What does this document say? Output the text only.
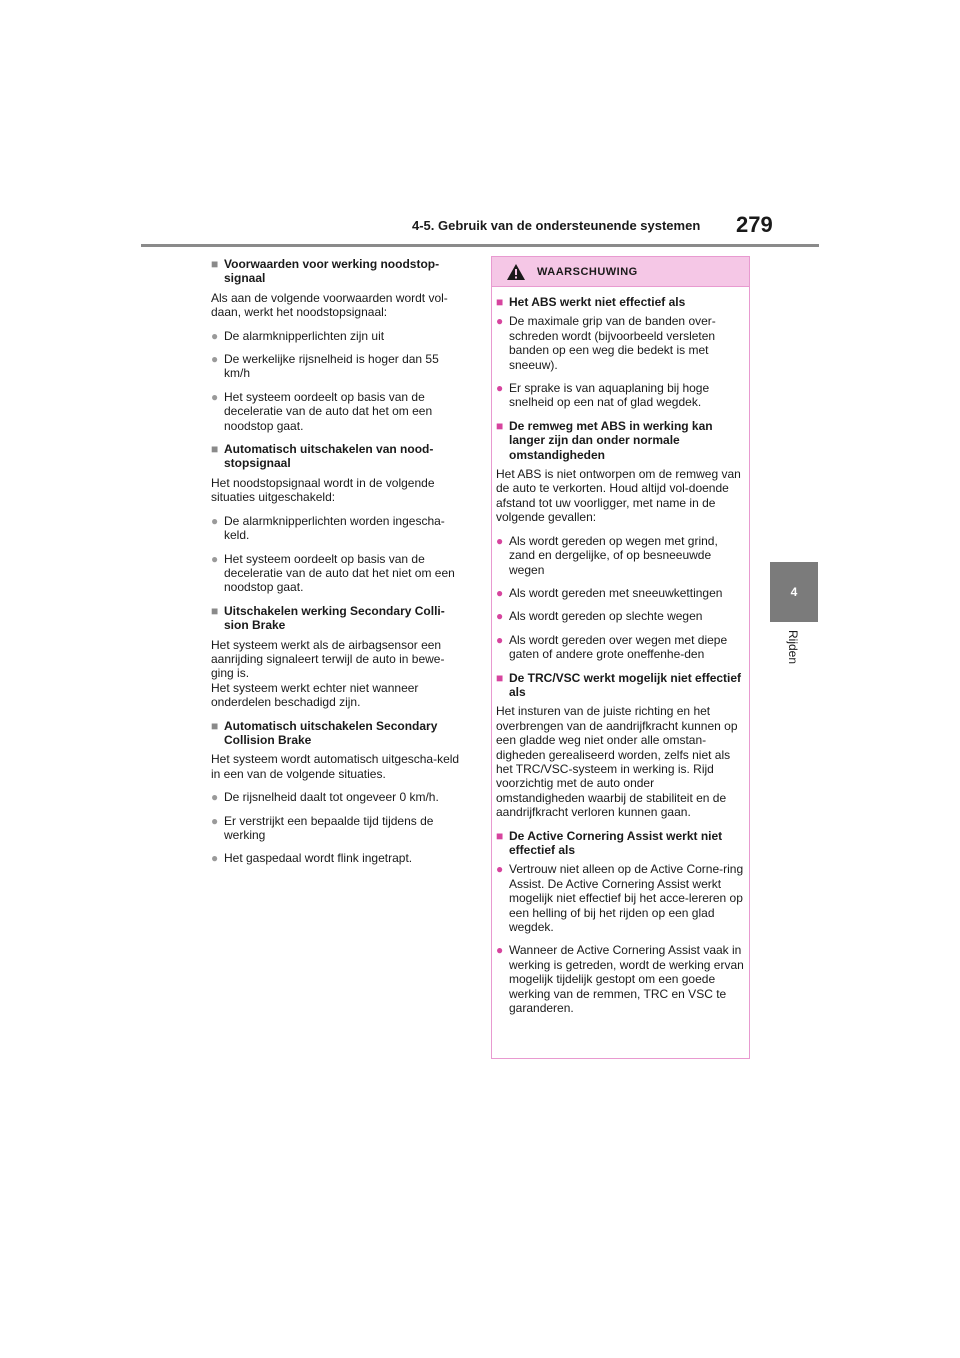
4-5. Gebruik van de ondersteunende systemen 279
4
Rijden
■ Voorwaarden voor werking noodstop-signaal
Als aan de volgende voorwaarden wordt vol-daan, werkt het noodstopsignaal:
● De alarmknipperlichten zijn uit
● De werkelijke rijsnelheid is hoger dan 55 km/h
● Het systeem oordeelt op basis van de deceleratie van de auto dat het om een noodstop gaat.
■ Automatisch uitschakelen van nood-stopsignaal
Het noodstopsignaal wordt in de volgende situaties uitgeschakeld:
● De alarmknipperlichten worden ingescha-keld.
● Het systeem oordeelt op basis van de deceleratie van de auto dat het niet om een noodstop gaat.
■ Uitschakelen werking Secondary Colli-sion Brake
Het systeem werkt als de airbagsensor een aanrijding signaleert terwijl de auto in bewe-ging is.
Het systeem werkt echter niet wanneer onderdelen beschadigd zijn.
■ Automatisch uitschakelen Secondary Collision Brake
Het systeem wordt automatisch uitgescha-keld in een van de volgende situaties.
● De rijsnelheid daalt tot ongeveer 0 km/h.
● Er verstrijkt een bepaalde tijd tijdens de werking
● Het gaspedaal wordt flink ingetrapt.
WAARSCHUWING
■ Het ABS werkt niet effectief als
● De maximale grip van de banden over-schreden wordt (bijvoorbeeld versleten banden op een weg die bedekt is met sneeuw).
● Er sprake is van aquaplaning bij hoge snelheid op een nat of glad wegdek.
■ De remweg met ABS in werking kan langer zijn dan onder normale omstandigheden
Het ABS is niet ontworpen om de remweg van de auto te verkorten. Houd altijd vol-doende afstand tot uw voorligger, met name in de volgende gevallen:
● Als wordt gereden op wegen met grind, zand en dergelijke, of op besneeuwde wegen
● Als wordt gereden met sneeuwkettingen
● Als wordt gereden op slechte wegen
● Als wordt gereden over wegen met diepe gaten of andere grote oneffenhe-den
■ De TRC/VSC werkt mogelijk niet effectief als
Het insturen van de juiste richting en het overbrengen van de aandrijfkracht kunnen op een gladde weg niet onder alle omstan-digheden gerealiseerd worden, zelfs niet als het TRC/VSC-systeem in werking is. Rijd voorzichtig met de auto onder omstandigheden waarbij de stabiliteit en de aandrijfkracht verloren kunnen gaan.
■ De Active Cornering Assist werkt niet effectief als
● Vertrouw niet alleen op de Active Corne-ring Assist. De Active Cornering Assist werkt mogelijk niet effectief bij het acce-lereren op een helling of bij het rijden op een glad wegdek.
● Wanneer de Active Cornering Assist vaak in werking is getreden, wordt de werking ervan mogelijk tijdelijk gestopt om een goede werking van de remmen, TRC en VSC te garanderen.
